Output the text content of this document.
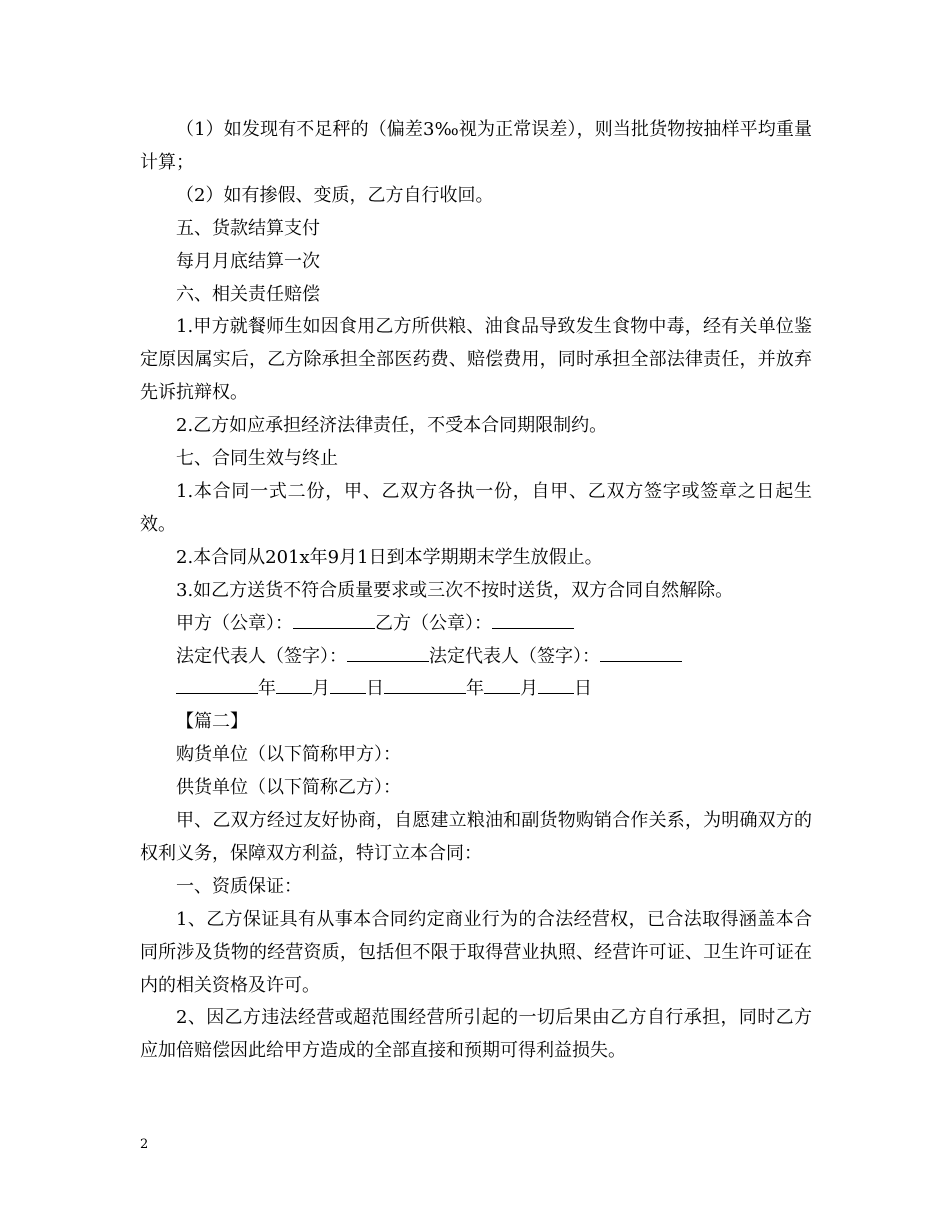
（1）如发现有不足秤的（偏差3‰视为正常误差），则当批货物按抽样平均重量计算；

（2）如有掺假、变质，乙方自行收回。

五、货款结算支付

每月月底结算一次

六、相关责任赔偿

1.甲方就餐师生如因食用乙方所供粮、油食品导致发生食物中毒，经有关单位鉴定原因属实后，乙方除承担全部医药费、赔偿费用，同时承担全部法律责任，并放弃先诉抗辩权。

2.乙方如应承担经济法律责任，不受本合同期限制约。

七、合同生效与终止

1.本合同一式二份，甲、乙双方各执一份，自甲、乙双方签字或签章之日起生效。

2.本合同从201x年9月1日到本学期期末学生放假止。

3.如乙方送货不符合质量要求或三次不按时送货，双方合同自然解除。

甲方（公章）：	乙方（公章）：

法定代表人（签字）：	法定代表人（签字）：

年 月 日	年 月 日

【篇二】

购货单位（以下简称甲方）：

供货单位（以下简称乙方）：

甲、乙双方经过友好协商，自愿建立粮油和副货物购销合作关系，为明确双方的权利义务，保障双方利益，特订立本合同：

一、资质保证：

1、乙方保证具有从事本合同约定商业行为的合法经营权，已合法取得涵盖本合同所涉及货物的经营资质，包括但不限于取得营业执照、经营许可证、卫生许可证在内的相关资格及许可。

2、因乙方违法经营或超范围经营所引起的一切后果由乙方自行承担，同时乙方应加倍赔偿因此给甲方造成的全部直接和预期可得利益损失。

2
